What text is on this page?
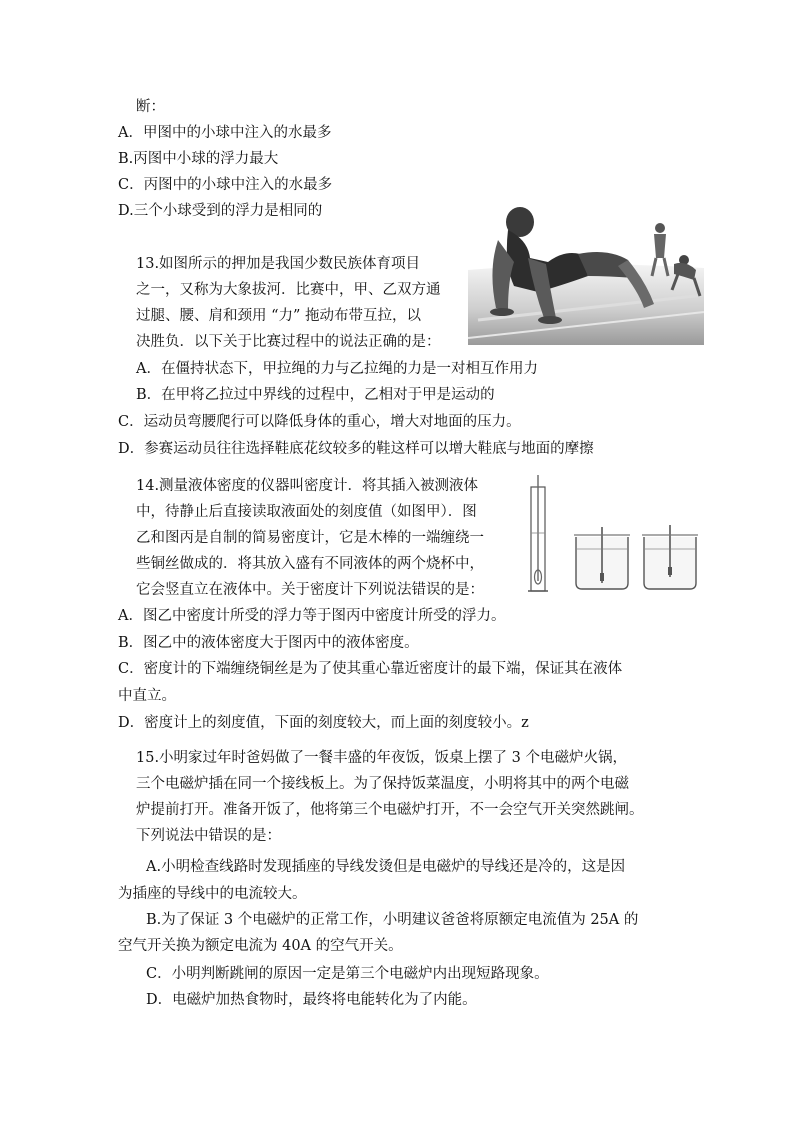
断：
A．甲图中的小球中注入的水最多
B.丙图中小球的浮力最大
C．丙图中的小球中注入的水最多
D.三个小球受到的浮力是相同的
13.如图所示的押加是我国少数民族体育项目
之一，又称为大象拔河．比赛中，甲、乙双方通
过腿、腰、肩和颈用 “力” 拖动布带互拉，以
决胜负．以下关于比赛过程中的说法正确的是：
A．在僵持状态下，甲拉绳的力与乙拉绳的力是一对相互作用力
B．在甲将乙拉过中界线的过程中，乙相对于甲是运动的
C．运动员弯腰爬行可以降低身体的重心，增大对地面的压力。
D．参赛运动员往往选择鞋底花纹较多的鞋这样可以增大鞋底与地面的摩擦
14.测量液体密度的仪器叫密度计．将其插入被测液体
中，待静止后直接读取液面处的刻度值（如图甲）．图
乙和图丙是自制的简易密度计，它是木棒的一端缠绕一
些铜丝做成的．将其放入盛有不同液体的两个烧杯中，
它会竖直立在液体中。关于密度计下列说法错误的是：
A．图乙中密度计所受的浮力等于图丙中密度计所受的浮力。
B．图乙中的液体密度大于图丙中的液体密度。
C．密度计的下端缠绕铜丝是为了使其重心靠近密度计的最下端，保证其在液体
中直立。
D．密度计上的刻度值，下面的刻度较大，而上面的刻度较小。z
15.小明家过年时爸妈做了一餐丰盛的年夜饭，饭桌上摆了 3 个电磁炉火锅，
三个电磁炉插在同一个接线板上。为了保持饭菜温度，小明将其中的两个电磁
炉提前打开。准备开饭了，他将第三个电磁炉打开，不一会空气开关突然跳闸。
下列说法中错误的是：
A.小明检查线路时发现插座的导线发烫但是电磁炉的导线还是冷的，这是因
为插座的导线中的电流较大。
B.为了保证 3 个电磁炉的正常工作，小明建议爸爸将原额定电流值为 25A 的
空气开关换为额定电流为 40A 的空气开关。
C．小明判断跳闸的原因一定是第三个电磁炉内出现短路现象。
D．电磁炉加热食物时，最终将电能转化为了内能。
